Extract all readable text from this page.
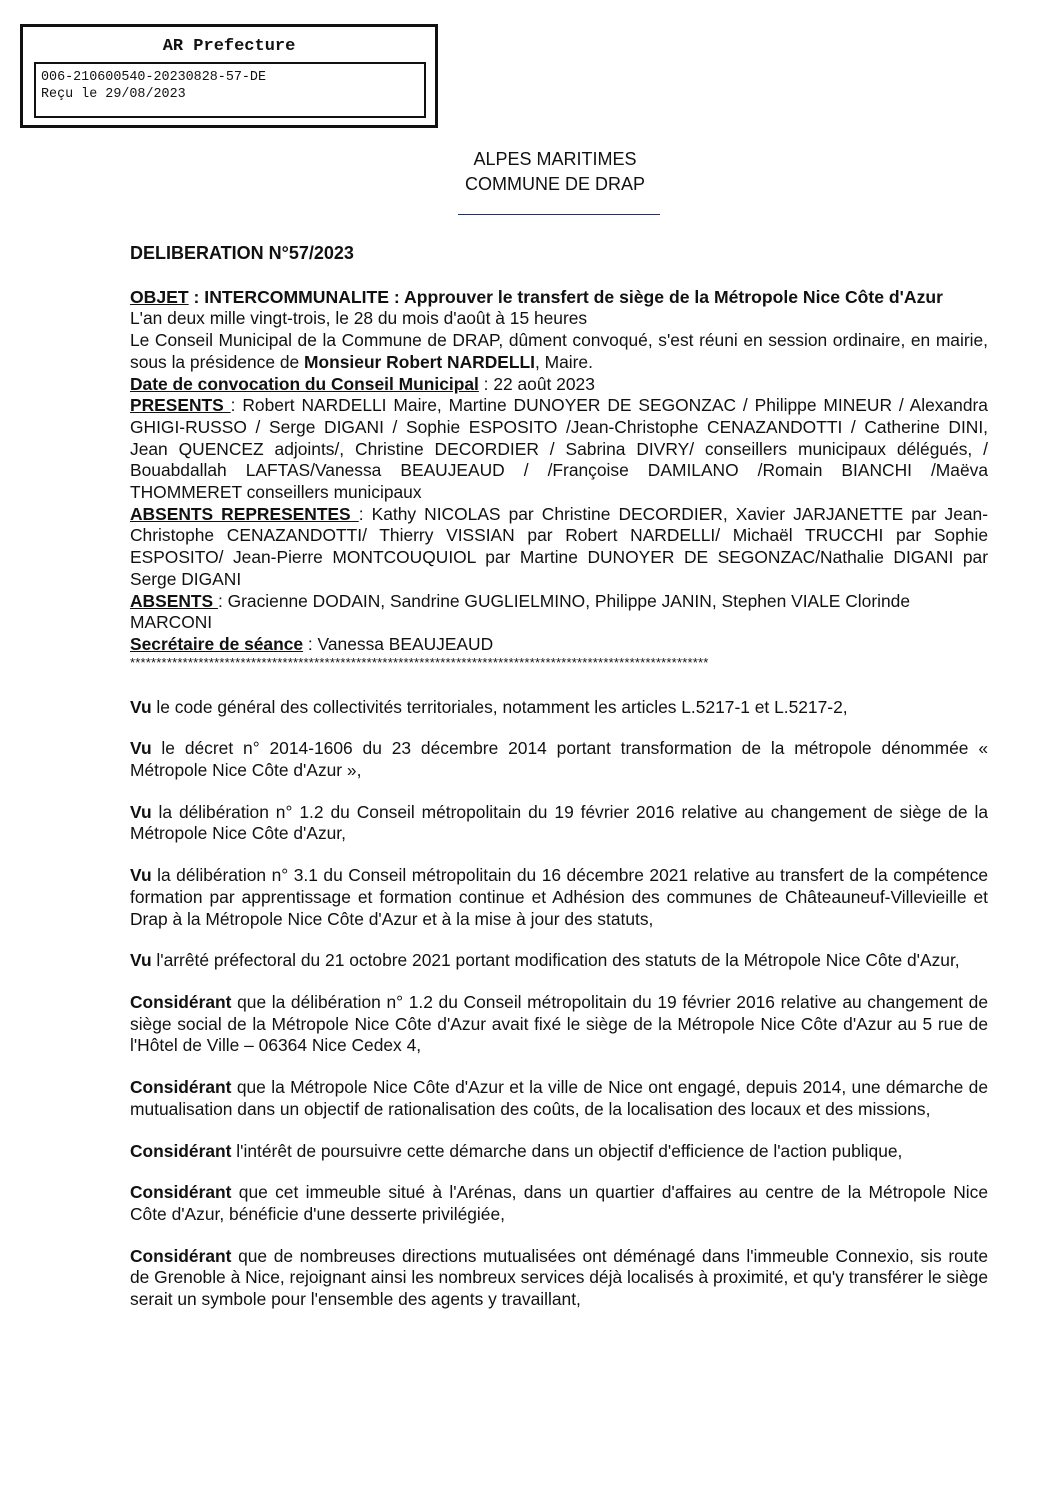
AR Prefecture
006-210600540-20230828-57-DE
Reçu le 29/08/2023
ALPES MARITIMES
COMMUNE DE DRAP
DELIBERATION N°57/2023

OBJET : INTERCOMMUNALITE : Approuver le transfert de siège de la Métropole Nice Côte d'Azur

L'an deux mille vingt-trois, le 28 du mois d'août à 15 heures

Le Conseil Municipal de la Commune de DRAP, dûment convoqué, s'est réuni en session ordinaire, en mairie, sous la présidence de Monsieur Robert NARDELLI, Maire.

Date de convocation du Conseil Municipal : 22 août 2023

PRESENTS : Robert NARDELLI Maire, Martine DUNOYER DE SEGONZAC / Philippe MINEUR / Alexandra GHIGI-RUSSO / Serge DIGANI / Sophie ESPOSITO /Jean-Christophe CENAZANDOTTI / Catherine DINI, Jean QUENCEZ adjoints/, Christine DECORDIER / Sabrina DIVRY/ conseillers municipaux délégués, / Bouabdallah LAFTAS/Vanessa BEAUJEAUD / /Françoise DAMILANO /Romain BIANCHI /Maëva THOMMERET conseillers municipaux

ABSENTS REPRESENTES : Kathy NICOLAS par Christine DECORDIER, Xavier JARJANETTE par Jean-Christophe CENAZANDOTTI/ Thierry VISSIAN par Robert NARDELLI/ Michaël TRUCCHI par Sophie ESPOSITO/ Jean-Pierre MONTCOUQUIOL par Martine DUNOYER DE SEGONZAC/Nathalie DIGANI par Serge DIGANI

ABSENTS : Gracienne DODAIN, Sandrine GUGLIELMINO, Philippe JANIN, Stephen VIALE Clorinde MARCONI

Secrétaire de séance : Vanessa BEAUJEAUD

**************************************************************************************************************

Vu le code général des collectivités territoriales, notamment les articles L.5217-1 et L.5217-2,

Vu le décret n° 2014-1606 du 23 décembre 2014 portant transformation de la métropole dénommée « Métropole Nice Côte d'Azur »,

Vu la délibération n° 1.2 du Conseil métropolitain du 19 février 2016 relative au changement de siège de la Métropole Nice Côte d'Azur,

Vu la délibération n° 3.1 du Conseil métropolitain du 16 décembre 2021 relative au transfert de la compétence formation par apprentissage et formation continue et Adhésion des communes de Châteauneuf-Villevieille et Drap à la Métropole Nice Côte d'Azur et à la mise à jour des statuts,

Vu l'arrêté préfectoral du 21 octobre 2021 portant modification des statuts de la Métropole Nice Côte d'Azur,

Considérant que la délibération n° 1.2 du Conseil métropolitain du 19 février 2016 relative au changement de siège social de la Métropole Nice Côte d'Azur avait fixé le siège de la Métropole Nice Côte d'Azur au 5 rue de l'Hôtel de Ville – 06364 Nice Cedex 4,

Considérant que la Métropole Nice Côte d'Azur et la ville de Nice ont engagé, depuis 2014, une démarche de mutualisation dans un objectif de rationalisation des coûts, de la localisation des locaux et des missions,

Considérant l'intérêt de poursuivre cette démarche dans un objectif d'efficience de l'action publique,

Considérant que cet immeuble situé à l'Arénas, dans un quartier d'affaires au centre de la Métropole Nice Côte d'Azur, bénéficie d'une desserte privilégiée,

Considérant que de nombreuses directions mutualisées ont déménagé dans l'immeuble Connexio, sis route de Grenoble à Nice, rejoignant ainsi les nombreux services déjà localisés à proximité, et qu'y transférer le siège serait un symbole pour l'ensemble des agents y travaillant,
